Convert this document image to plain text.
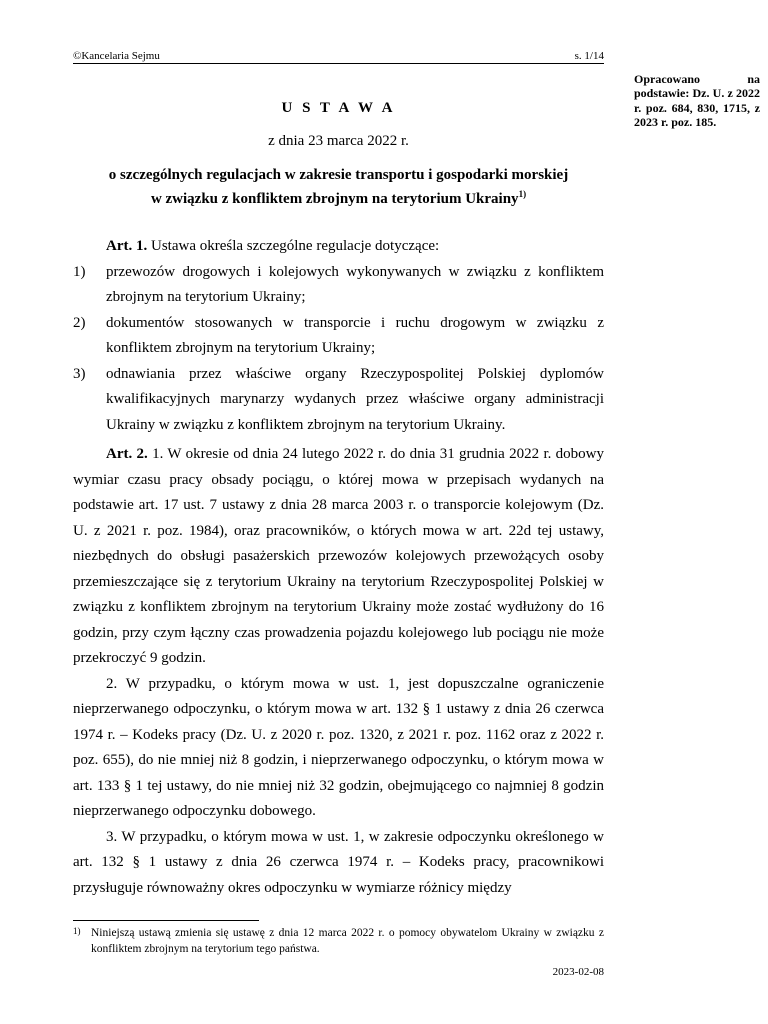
©Kancelaria Sejmu	s. 1/14
Opracowano na podstawie: Dz. U. z 2022 r. poz. 684, 830, 1715, z 2023 r. poz. 185.
U S T A W A
z dnia 23 marca 2022 r.
o szczególnych regulacjach w zakresie transportu i gospodarki morskiej
w związku z konfliktem zbrojnym na terytorium Ukrainy$^{1)}$

Art. 1. Ustawa określa szczególne regulacje dotyczące:

1) przewozów drogowych i kolejowych wykonywanych w związku z konfliktem zbrojnym na terytorium Ukrainy;
2) dokumentów stosowanych w transporcie i ruchu drogowym w związku z konfliktem zbrojnym na terytorium Ukrainy;
3) odnawiania przez właściwe organy Rzeczypospolitej Polskiej dyplomów kwalifikacyjnych marynarzy wydanych przez właściwe organy administracji Ukrainy w związku z konfliktem zbrojnym na terytorium Ukrainy.

Art. 2. 1. W okresie od dnia 24 lutego 2022 r. do dnia 31 grudnia 2022 r. dobowy wymiar czasu pracy obsady pociągu, o której mowa w przepisach wydanych na podstawie art. 17 ust. 7 ustawy z dnia 28 marca 2003 r. o transporcie kolejowym (Dz. U. z 2021 r. poz. 1984), oraz pracowników, o których mowa w art. 22d tej ustawy, niezbędnych do obsługi pasażerskich przewozów kolejowych przewożących osoby przemieszczające się z terytorium Ukrainy na terytorium Rzeczypospolitej Polskiej w związku z konfliktem zbrojnym na terytorium Ukrainy może zostać wydłużony do 16 godzin, przy czym łączny czas prowadzenia pojazdu kolejowego lub pociągu nie może przekroczyć 9 godzin.

2. W przypadku, o którym mowa w ust. 1, jest dopuszczalne ograniczenie nieprzerwanego odpoczynku, o którym mowa w art. 132 § 1 ustawy z dnia 26 czerwca 1974 r. – Kodeks pracy (Dz. U. z 2020 r. poz. 1320, z 2021 r. poz. 1162 oraz z 2022 r. poz. 655), do nie mniej niż 8 godzin, i nieprzerwanego odpoczynku, o którym mowa w art. 133 § 1 tej ustawy, do nie mniej niż 32 godzin, obejmującego co najmniej 8 godzin nieprzerwanego odpoczynku dobowego.

3. W przypadku, o którym mowa w ust. 1, w zakresie odpoczynku określonego w art. 132 § 1 ustawy z dnia 26 czerwca 1974 r. – Kodeks pracy, pracownikowi przysługuje równoważny okres odpoczynku w wymiarze różnicy między

1) Niniejszą ustawą zmienia się ustawę z dnia 12 marca 2022 r. o pomocy obywatelom Ukrainy w związku z konfliktem zbrojnym na terytorium tego państwa.

2023-02-08
